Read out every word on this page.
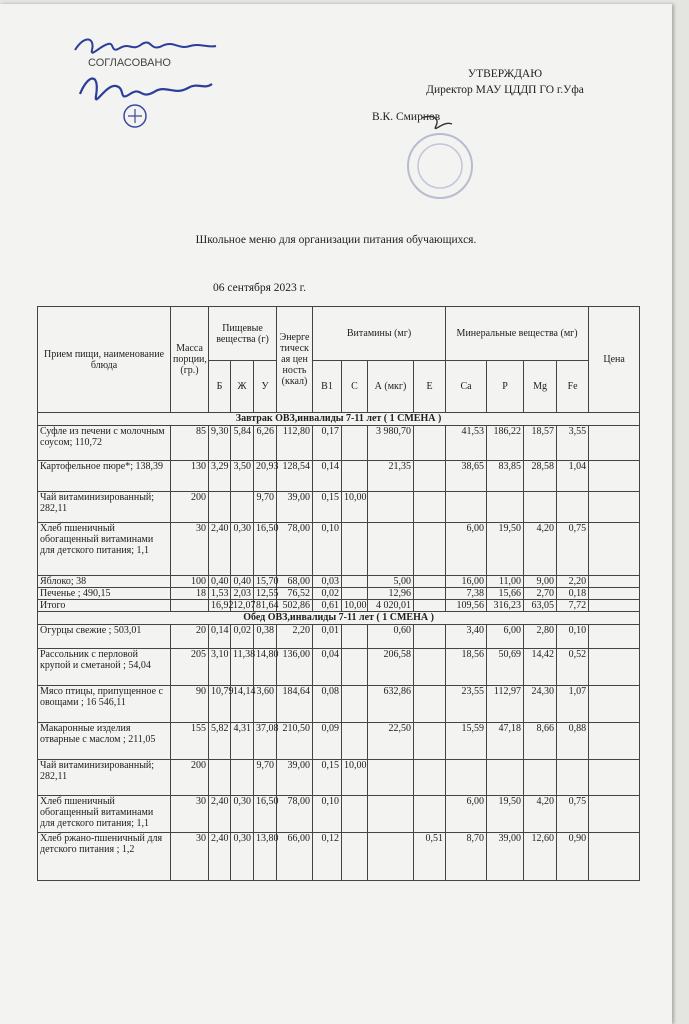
СОГЛАСОВАНО
УТВЕРЖДАЮ
Директор МАУ ЦДДП ГО г.Уфа
В.К. Смирнов
Школьное меню для организации питания обучающихся.
06 сентября 2023 г.
Прием пищи, наименование блюда	Масса порции, (гр.)	Пищевые вещества (г)			Энергетическая ценность (ккал)	Витамины (мг)				Минеральные вещества (мг)				Цена
		Б	Ж	У		В1	С	А (мкг)	Е	Ca	P	Mg	Fe	
Завтрак ОВЗ,инвалиды 7-11 лет ( 1 СМЕНА )														
Суфле из печени с молочным соусом; 110,72	85	9,30	5,84	6,26	112,80	0,17		3 980,70		41,53	186,22	18,57	3,55	
Картофельное пюре*; 138,39	130	3,29	3,50	20,93	128,54	0,14		21,35		38,65	83,85	28,58	1,04	
Чай витаминизированный; 282,11	200			9,70	39,00	0,15	10,00							
Хлеб пшеничный обогащенный витаминами для детского питания; 1,1	30	2,40	0,30	16,50	78,00	0,10				6,00	19,50	4,20	0,75	
Яблоко; 38	100	0,40	0,40	15,70	68,00	0,03		5,00		16,00	11,00	9,00	2,20	
Печенье ; 490,15	18	1,53	2,03	12,55	76,52	0,02		12,96		7,38	15,66	2,70	0,18	
Итого		16,92	12,07	81,64	502,86	0,61	10,00	4 020,01		109,56	316,23	63,05	7,72	
Обед ОВЗ,инвалиды 7-11 лет ( 1 СМЕНА )														
Огурцы свежие ; 503,01	20	0,14	0,02	0,38	2,20	0,01		0,60		3,40	6,00	2,80	0,10	
Рассольник с перловой крупой и сметаной ; 54,04	205	3,10	11,38	14,80	136,00	0,04		206,58		18,56	50,69	14,42	0,52	
Мясо птицы, припущенное с овощами ; 16 546,11	90	10,79	14,14	3,60	184,64	0,08		632,86		23,55	112,97	24,30	1,07	
Макаронные изделия отварные с маслом ; 211,05	155	5,82	4,31	37,08	210,50	0,09		22,50		15,59	47,18	8,66	0,88	
Чай витаминизированный; 282,11	200			9,70	39,00	0,15	10,00							
Хлеб пшеничный обогащенный витаминами для детского питания; 1,1	30	2,40	0,30	16,50	78,00	0,10				6,00	19,50	4,20	0,75	
Хлеб ржано-пшеничный для детского питания ; 1,2	30	2,40	0,30	13,80	66,00	0,12			0,51	8,70	39,00	12,60	0,90	
